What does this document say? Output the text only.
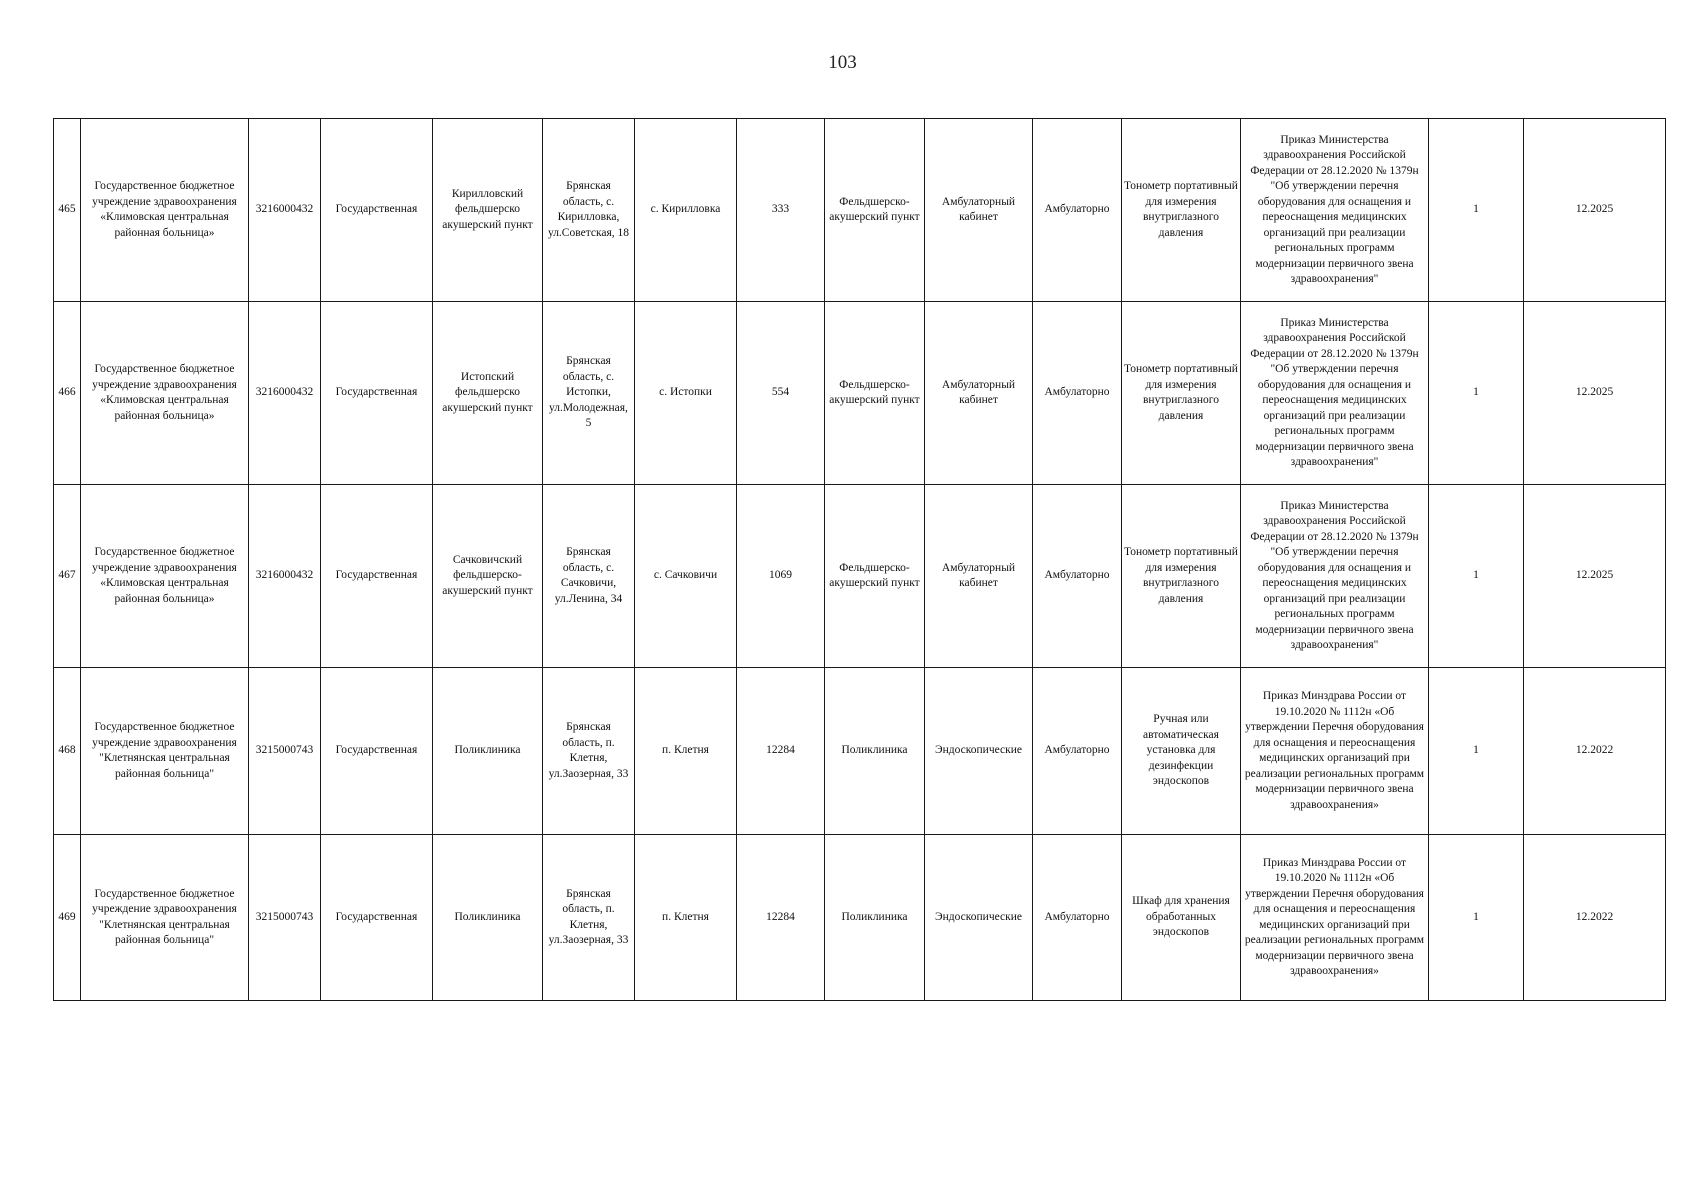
103
465	Государственное бюджетное учреждение здравоохранения «Климовская центральная районная больница»	3216000432	Государственная	Кирилловский фельдшерско акушерский пункт	Брянская область, с. Кирилловка, ул.Советская, 18	с. Кирилловка	333	Фельдшерско-акушерский пункт	Амбулаторный кабинет	Амбулаторно	Тонометр портативный для измерения внутриглазного давления	Приказ Министерства здравоохранения Российской Федерации от 28.12.2020 № 1379н "Об утверждении перечня оборудования для оснащения и переоснащения медицинских организаций при реализации региональных программ модернизации первичного звена здравоохранения"	1	12.2025
466	Государственное бюджетное учреждение здравоохранения «Климовская центральная районная больница»	3216000432	Государственная	Истопский фельдшерско акушерский пункт	Брянская область, с. Истопки, ул.Молодежная, 5	с. Истопки	554	Фельдшерско-акушерский пункт	Амбулаторный кабинет	Амбулаторно	Тонометр портативный для измерения внутриглазного давления	Приказ Министерства здравоохранения Российской Федерации от 28.12.2020 № 1379н "Об утверждении перечня оборудования для оснащения и переоснащения медицинских организаций при реализации региональных программ модернизации первичного звена здравоохранения"	1	12.2025
467	Государственное бюджетное учреждение здравоохранения «Климовская центральная районная больница»	3216000432	Государственная	Сачковичский фельдшерско-акушерский пункт	Брянская область, с. Сачковичи, ул.Ленина, 34	с. Сачковичи	1069	Фельдшерско-акушерский пункт	Амбулаторный кабинет	Амбулаторно	Тонометр портативный для измерения внутриглазного давления	Приказ Министерства здравоохранения Российской Федерации от 28.12.2020 № 1379н "Об утверждении перечня оборудования для оснащения и переоснащения медицинских организаций при реализации региональных программ модернизации первичного звена здравоохранения"	1	12.2025
468	Государственное бюджетное учреждение здравоохранения "Клетнянская центральная районная больница"	3215000743	Государственная	Поликлиника	Брянская область, п. Клетня, ул.Заозерная, 33	п. Клетня	12284	Поликлиника	Эндоскопические	Амбулаторно	Ручная или автоматическая установка для дезинфекции эндоскопов	Приказ Минздрава России от 19.10.2020 № 1112н «Об утверждении Перечня оборудования для оснащения и переоснащения медицинских организаций при реализации региональных программ модернизации первичного звена здравоохранения»	1	12.2022
469	Государственное бюджетное учреждение здравоохранения "Клетнянская центральная районная больница"	3215000743	Государственная	Поликлиника	Брянская область, п. Клетня, ул.Заозерная, 33	п. Клетня	12284	Поликлиника	Эндоскопические	Амбулаторно	Шкаф для хранения обработанных эндоскопов	Приказ Минздрава России от 19.10.2020 № 1112н «Об утверждении Перечня оборудования для оснащения и переоснащения медицинских организаций при реализации региональных программ модернизации первичного звена здравоохранения»	1	12.2022
